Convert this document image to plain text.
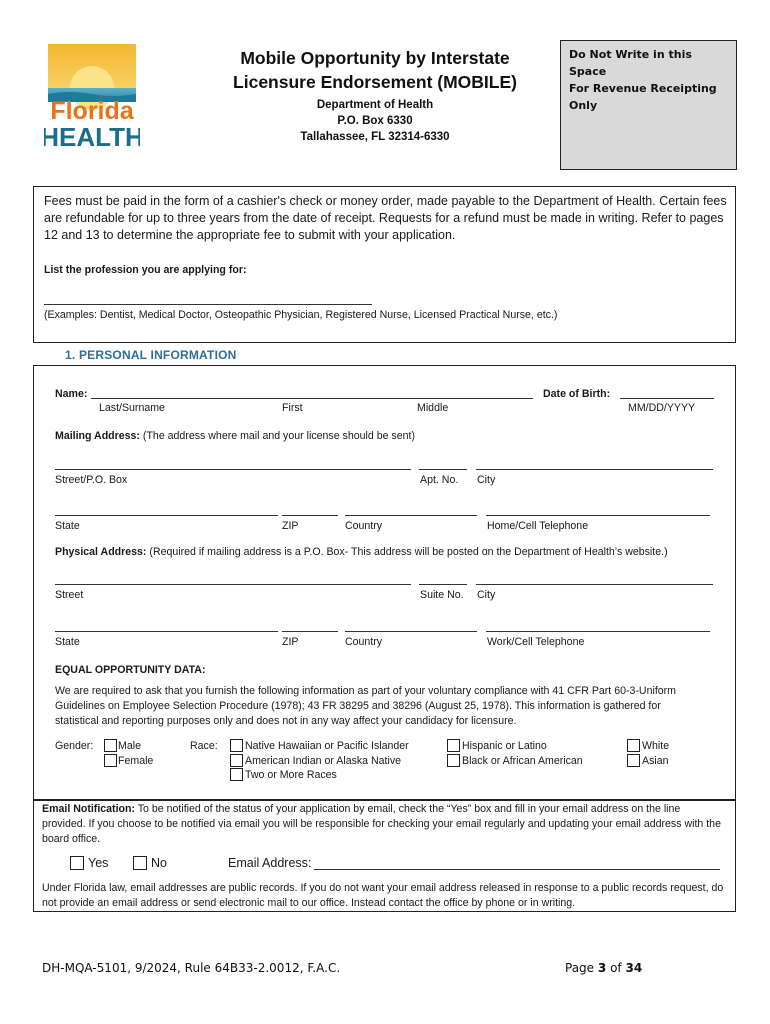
Florida
HEALTH
Mobile Opportunity by Interstate
Licensure Endorsement (MOBILE)
Department of Health
P.O. Box 6330
Tallahassee, FL 32314-6330
Do Not Write in this Space
For Revenue Receipting Only
Fees must be paid in the form of a cashier's check or money order, made payable to the Department of Health. Certain fees are refundable for up to three years from the date of receipt. Requests for a refund must be made in writing. Refer to pages 12 and 13 to determine the appropriate fee to submit with your application.
List the profession you are applying for:
(Examples: Dentist, Medical Doctor, Osteopathic Physician, Registered Nurse, Licensed Practical Nurse, etc.)
1. PERSONAL INFORMATION
Name:	Date of Birth:
Last/Surname	First	Middle	MM/DD/YYYY
Mailing Address: (The address where mail and your license should be sent)
Street/P.O. Box	Apt. No. City
State	ZIP	Country	Home/Cell Telephone
Physical Address: (Required if mailing address is a P.O. Box- This address will be posted on the Department of Health’s website.)
Street	Suite No. City
State	ZIP	Country	Work/Cell Telephone
EQUAL OPPORTUNITY DATA:
We are required to ask that you furnish the following information as part of your voluntary compliance with 41 CFR Part 60-3-Uniform Guidelines on Employee Selection Procedure (1978); 43 FR 38295 and 38296 (August 25, 1978). This information is gathered for statistical and reporting purposes only and does not in any way affect your candidacy for licensure.
Gender: Male
Female
Race:	Native Hawaiian or Pacific Islander
American Indian or Alaska Native
Two or More Races
Hispanic or Latino
Black or African American
White
Asian
Email Notification: To be notified of the status of your application by email, check the “Yes” box and fill in your email address on the line provided. If you choose to be notified via email you will be responsible for checking your email regularly and updating your email address with the board office.
Yes	No	Email Address:
Under Florida law, email addresses are public records. If you do not want your email address released in response to a public records request, do not provide an email address or send electronic mail to our office. Instead contact the office by phone or in writing.
DH-MQA-5101, 9/2024, Rule 64B33-2.0012, F.A.C.	Page 3 of 34
